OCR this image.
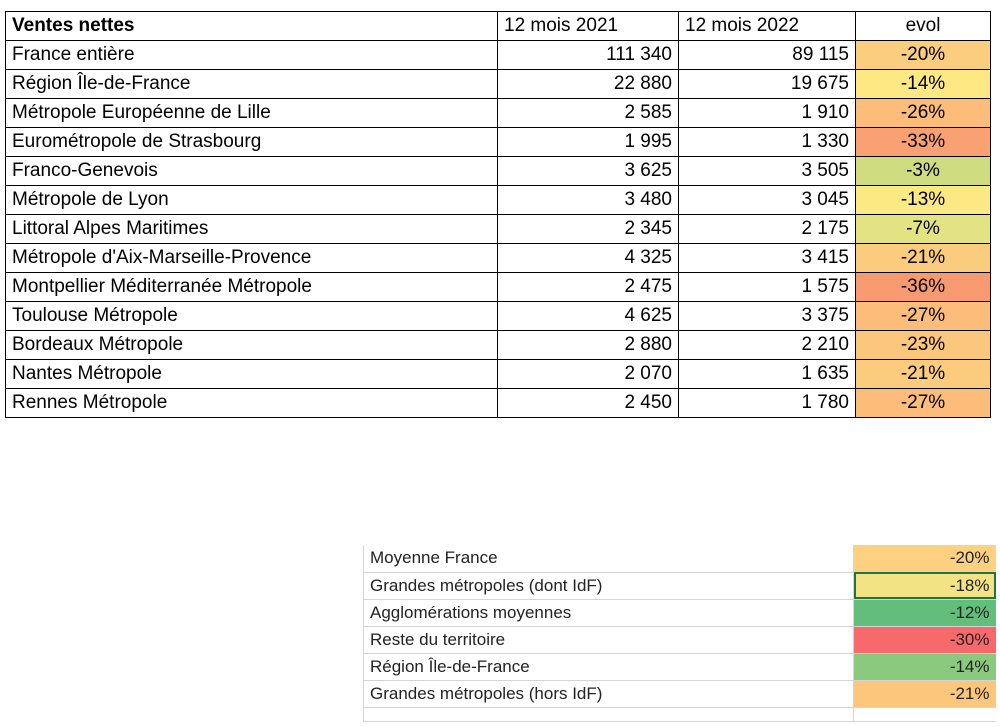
Ventes nettes	12 mois 2021	12 mois 2022	evol
France entière	111 340	89 115	-20%
Région Île-de-France	22 880	19 675	-14%
Métropole Européenne de Lille	2 585	1 910	-26%
Eurométropole de Strasbourg	1 995	1 330	-33%
Franco-Genevois	3 625	3 505	-3%
Métropole de Lyon	3 480	3 045	-13%
Littoral Alpes Maritimes	2 345	2 175	-7%
Métropole d'Aix-Marseille-Provence	4 325	3 415	-21%
Montpellier Méditerranée Métropole	2 475	1 575	-36%
Toulouse Métropole	4 625	3 375	-27%
Bordeaux Métropole	2 880	2 210	-23%
Nantes Métropole	2 070	1 635	-21%
Rennes Métropole	2 450	1 780	-27%
Moyenne France	-20%
Grandes métropoles (dont IdF)	-18%
Agglomérations moyennes	-12%
Reste du territoire	-30%
Région Île-de-France	-14%
Grandes métropoles (hors IdF)	-21%
